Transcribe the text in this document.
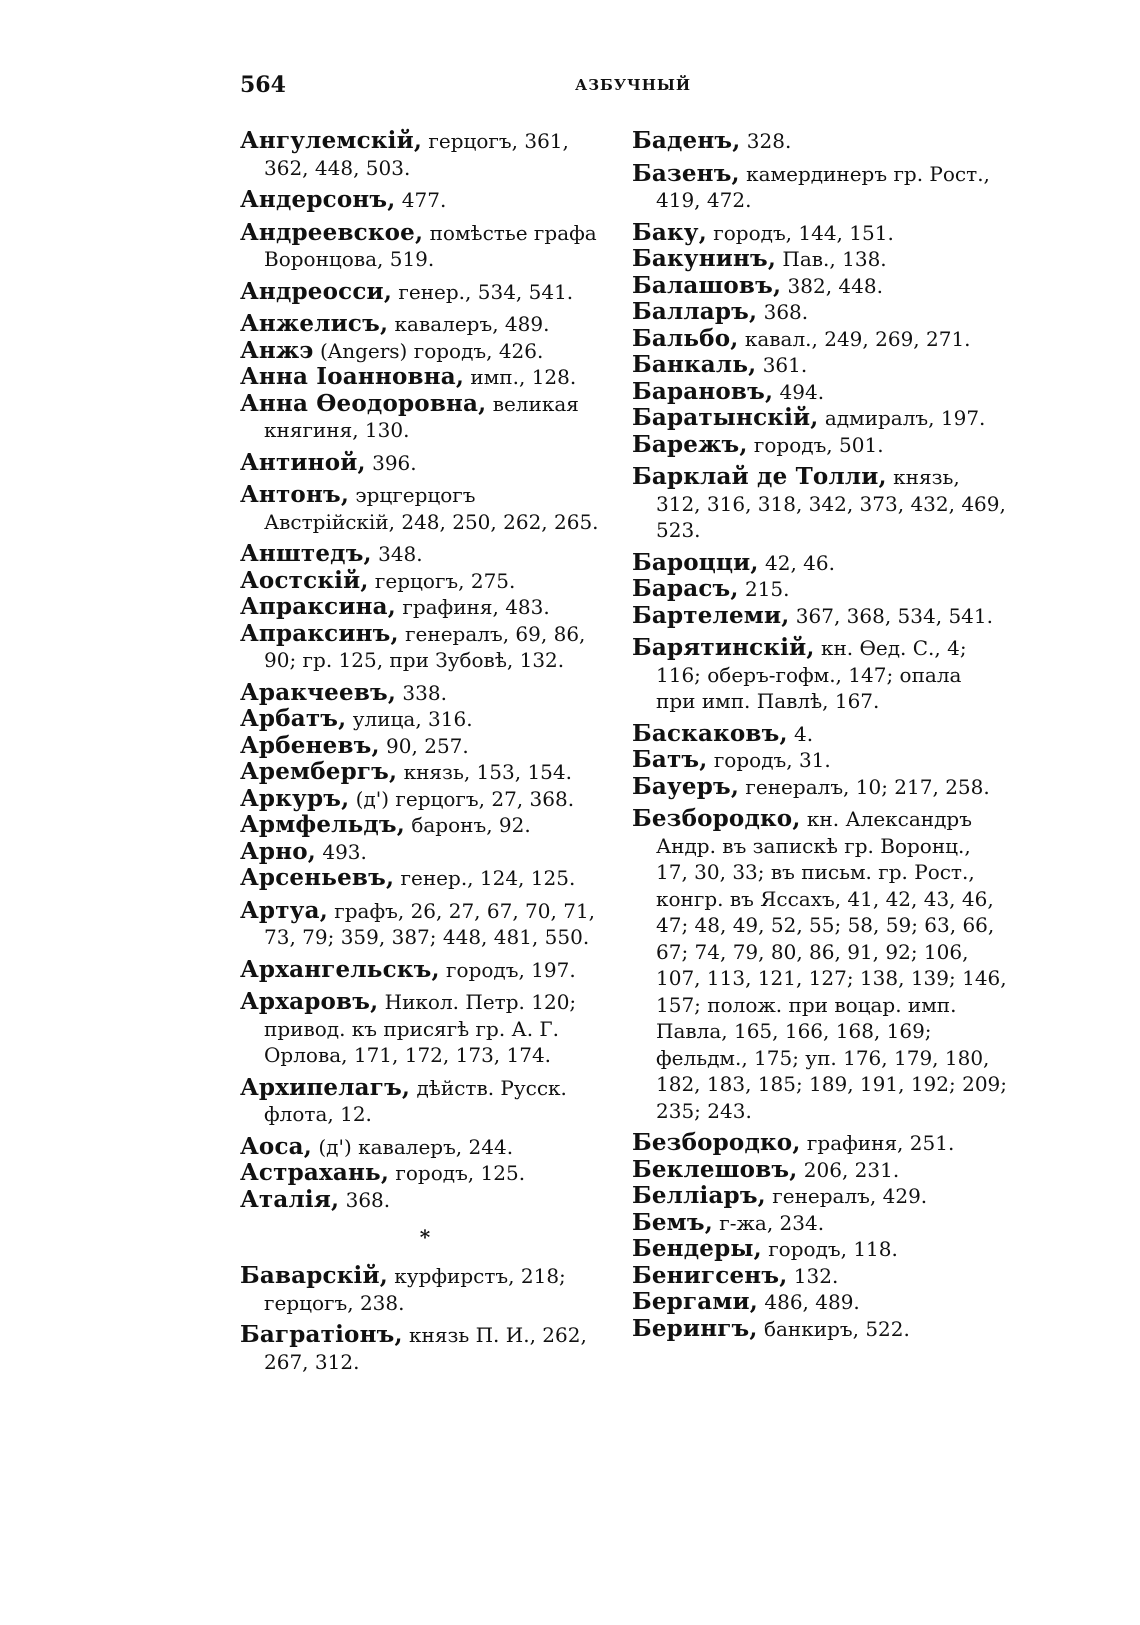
564	АЗБУЧНЫЙ

Ангулемскій, герцогъ, 361, 362, 448, 503.

Андерсонъ, 477.

Андреевское, помѣстье графа Воронцова, 519.

Андреосси, генер., 534, 541.

Анжелисъ, кавалеръ, 489.

Анжэ (Angers) городъ, 426.

Анна Іоанновна, имп., 128.

Анна Ѳеодоровна, великая княгиня, 130.

Антиной, 396.

Антонъ, эрцгерцогъ Австрійскій, 248, 250, 262, 265.

Анштедъ, 348.

Аостскій, герцогъ, 275.

Апраксина, графиня, 483.

Апраксинъ, генералъ, 69, 86, 90; гр. 125, при Зубовѣ, 132.

Аракчеевъ, 338.

Арбатъ, улица, 316.

Арбеневъ, 90, 257.

Арембергъ, князь, 153, 154.

Аркуръ, (д') герцогъ, 27, 368.

Армфельдъ, баронъ, 92.

Арно, 493.

Арсеньевъ, генер., 124, 125.

Артуа, графъ, 26, 27, 67, 70, 71, 73, 79; 359, 387; 448, 481, 550.

Архангельскъ, городъ, 197.

Архаровъ, Никол. Петр. 120; привод. къ присягѣ гр. А. Г. Орлова, 171, 172, 173, 174.

Архипелагъ, дѣйств. Русск. флота, 12.

Аоса, (д') кавалеръ, 244.

Астрахань, городъ, 125.

Аталія, 368.

*

Баварскій, курфирстъ, 218; герцогъ, 238.

Багратіонъ, князь П. И., 262, 267, 312.

Баденъ, 328.

Базенъ, камердинеръ гр. Рост., 419, 472.

Баку, городъ, 144, 151.

Бакунинъ, Пав., 138.

Балашовъ, 382, 448.

Балларъ, 368.

Бальбо, кавал., 249, 269, 271.

Банкаль, 361.

Барановъ, 494.

Баратынскій, адмиралъ, 197.

Барежъ, городъ, 501.

Барклай де Толли, князь, 312, 316, 318, 342, 373, 432, 469, 523.

Бароцци, 42, 46.

Барасъ, 215.

Бартелеми, 367, 368, 534, 541.

Барятинскій, кн. Ѳед. С., 4; 116; оберъ-гофм., 147; опала при имп. Павлѣ, 167.

Баскаковъ, 4.

Батъ, городъ, 31.

Бауеръ, генералъ, 10; 217, 258.

Безбородко, кн. Александръ Андр. въ запискѣ гр. Воронц., 17, 30, 33; въ письм. гр. Рост., конгр. въ Яссахъ, 41, 42, 43, 46, 47; 48, 49, 52, 55; 58, 59; 63, 66, 67; 74, 79, 80, 86, 91, 92; 106, 107, 113, 121, 127; 138, 139; 146, 157; полож. при воцар. имп. Павла, 165, 166, 168, 169; фельдм., 175; уп. 176, 179, 180, 182, 183, 185; 189, 191, 192; 209; 235; 243.

Безбородко, графиня, 251.

Беклешовъ, 206, 231.

Белліаръ, генералъ, 429.

Бемъ, г-жа, 234.

Бендеры, городъ, 118.

Бенигсенъ, 132.

Бергами, 486, 489.

Берингъ, банкиръ, 522.
